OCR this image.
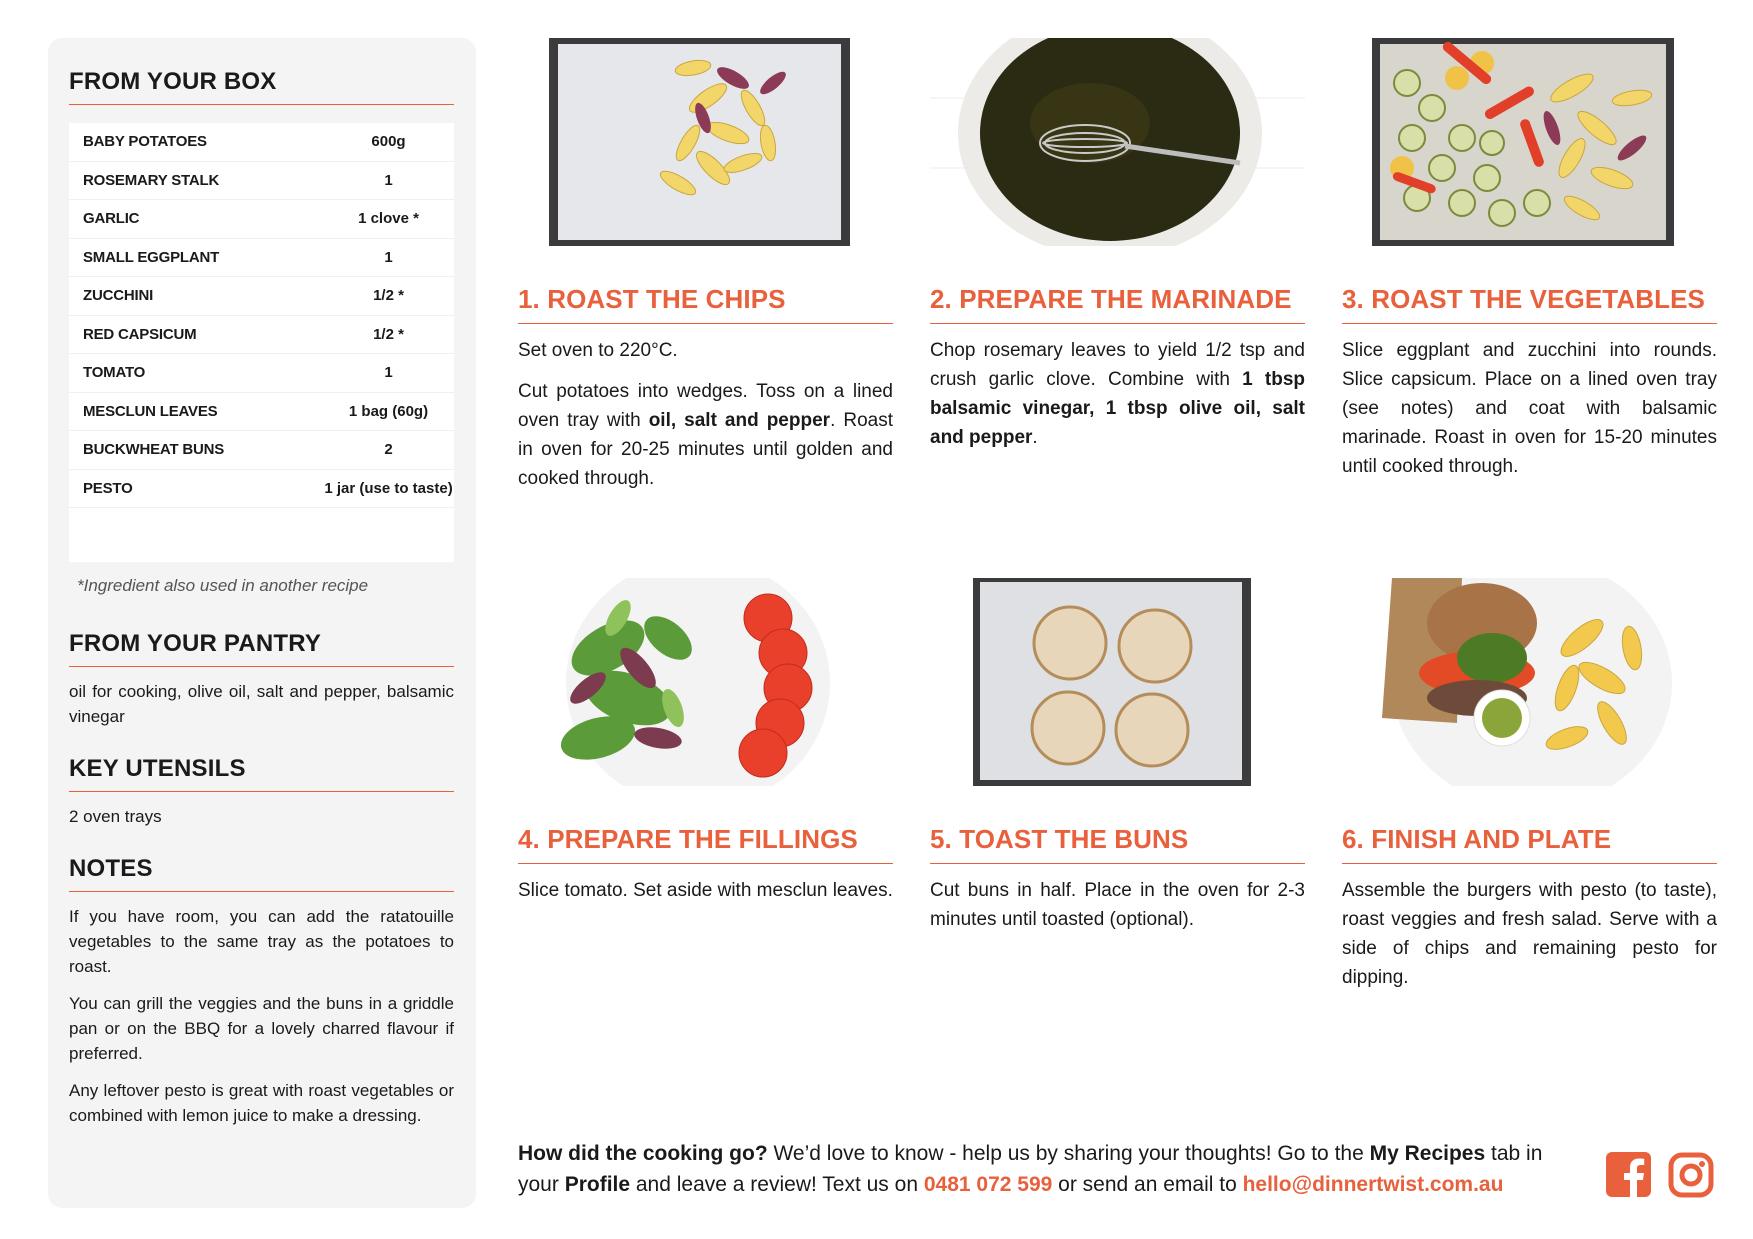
FROM YOUR BOX
BABY POTATOES	600g
ROSEMARY STALK	1
GARLIC	1 clove *
SMALL EGGPLANT	1
ZUCCHINI	1/2 *
RED CAPSICUM	1/2 *
TOMATO	1
MESCLUN LEAVES	1 bag (60g)
BUCKWHEAT BUNS	2
PESTO	1 jar (use to taste)

*Ingredient also used in another recipe
FROM YOUR PANTRY
oil for cooking, olive oil, salt and pepper, balsamic vinegar
KEY UTENSILS
2 oven trays
NOTES

If you have room, you can add the ratatouille vegetables to the same tray as the potatoes to roast.

You can grill the veggies and the buns in a griddle pan or on the BBQ for a lovely charred flavour if preferred.

Any leftover pesto is great with roast vegetables or combined with lemon juice to make a dressing.

1. ROAST THE CHIPS

Set oven to 220°C.

Cut potatoes into wedges. Toss on a lined oven tray with oil, salt and pepper. Roast in oven for 20-25 minutes until golden and cooked through.

2. PREPARE THE MARINADE

Chop rosemary leaves to yield 1/2 tsp and crush garlic clove. Combine with 1 tbsp balsamic vinegar, 1 tbsp olive oil, salt and pepper.

3. ROAST THE VEGETABLES

Slice eggplant and zucchini into rounds. Slice capsicum. Place on a lined oven tray (see notes) and coat with balsamic marinade. Roast in oven for 15-20 minutes until cooked through.

4. PREPARE THE FILLINGS

Slice tomato. Set aside with mesclun leaves.

5. TOAST THE BUNS

Cut buns in half. Place in the oven for 2-3 minutes until toasted (optional).

6. FINISH AND PLATE

Assemble the burgers with pesto (to taste), roast veggies and fresh salad. Serve with a side of chips and remaining pesto for dipping.

How did the cooking go? We’d love to know - help us by sharing your thoughts! Go to the My Recipes tab in your Profile and leave a review! Text us on 0481 072 599 or send an email to hello@dinnertwist.com.au
